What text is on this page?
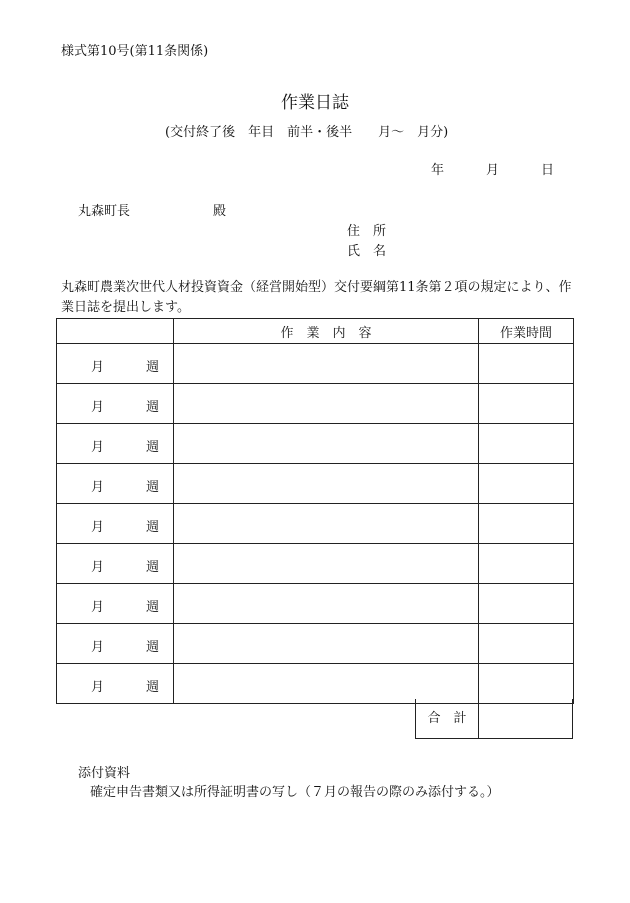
様式第10号(第11条関係)
作業日誌
(交付終了後　年目　前半・後半　　月～　月分)
年	月	日
丸森町長	殿
住　所
氏　名
丸森町農業次世代人材投資資金（経営開始型）交付要綱第11条第２項の規定により、作業日誌を提出します。
	作　業　内　容	作業時間

月 週		

月 週		

月 週		

月 週		

月 週		

月 週		

月 週		

月 週		

月 週		

合　計
添付資料
確定申告書類又は所得証明書の写し（７月の報告の際のみ添付する。）
